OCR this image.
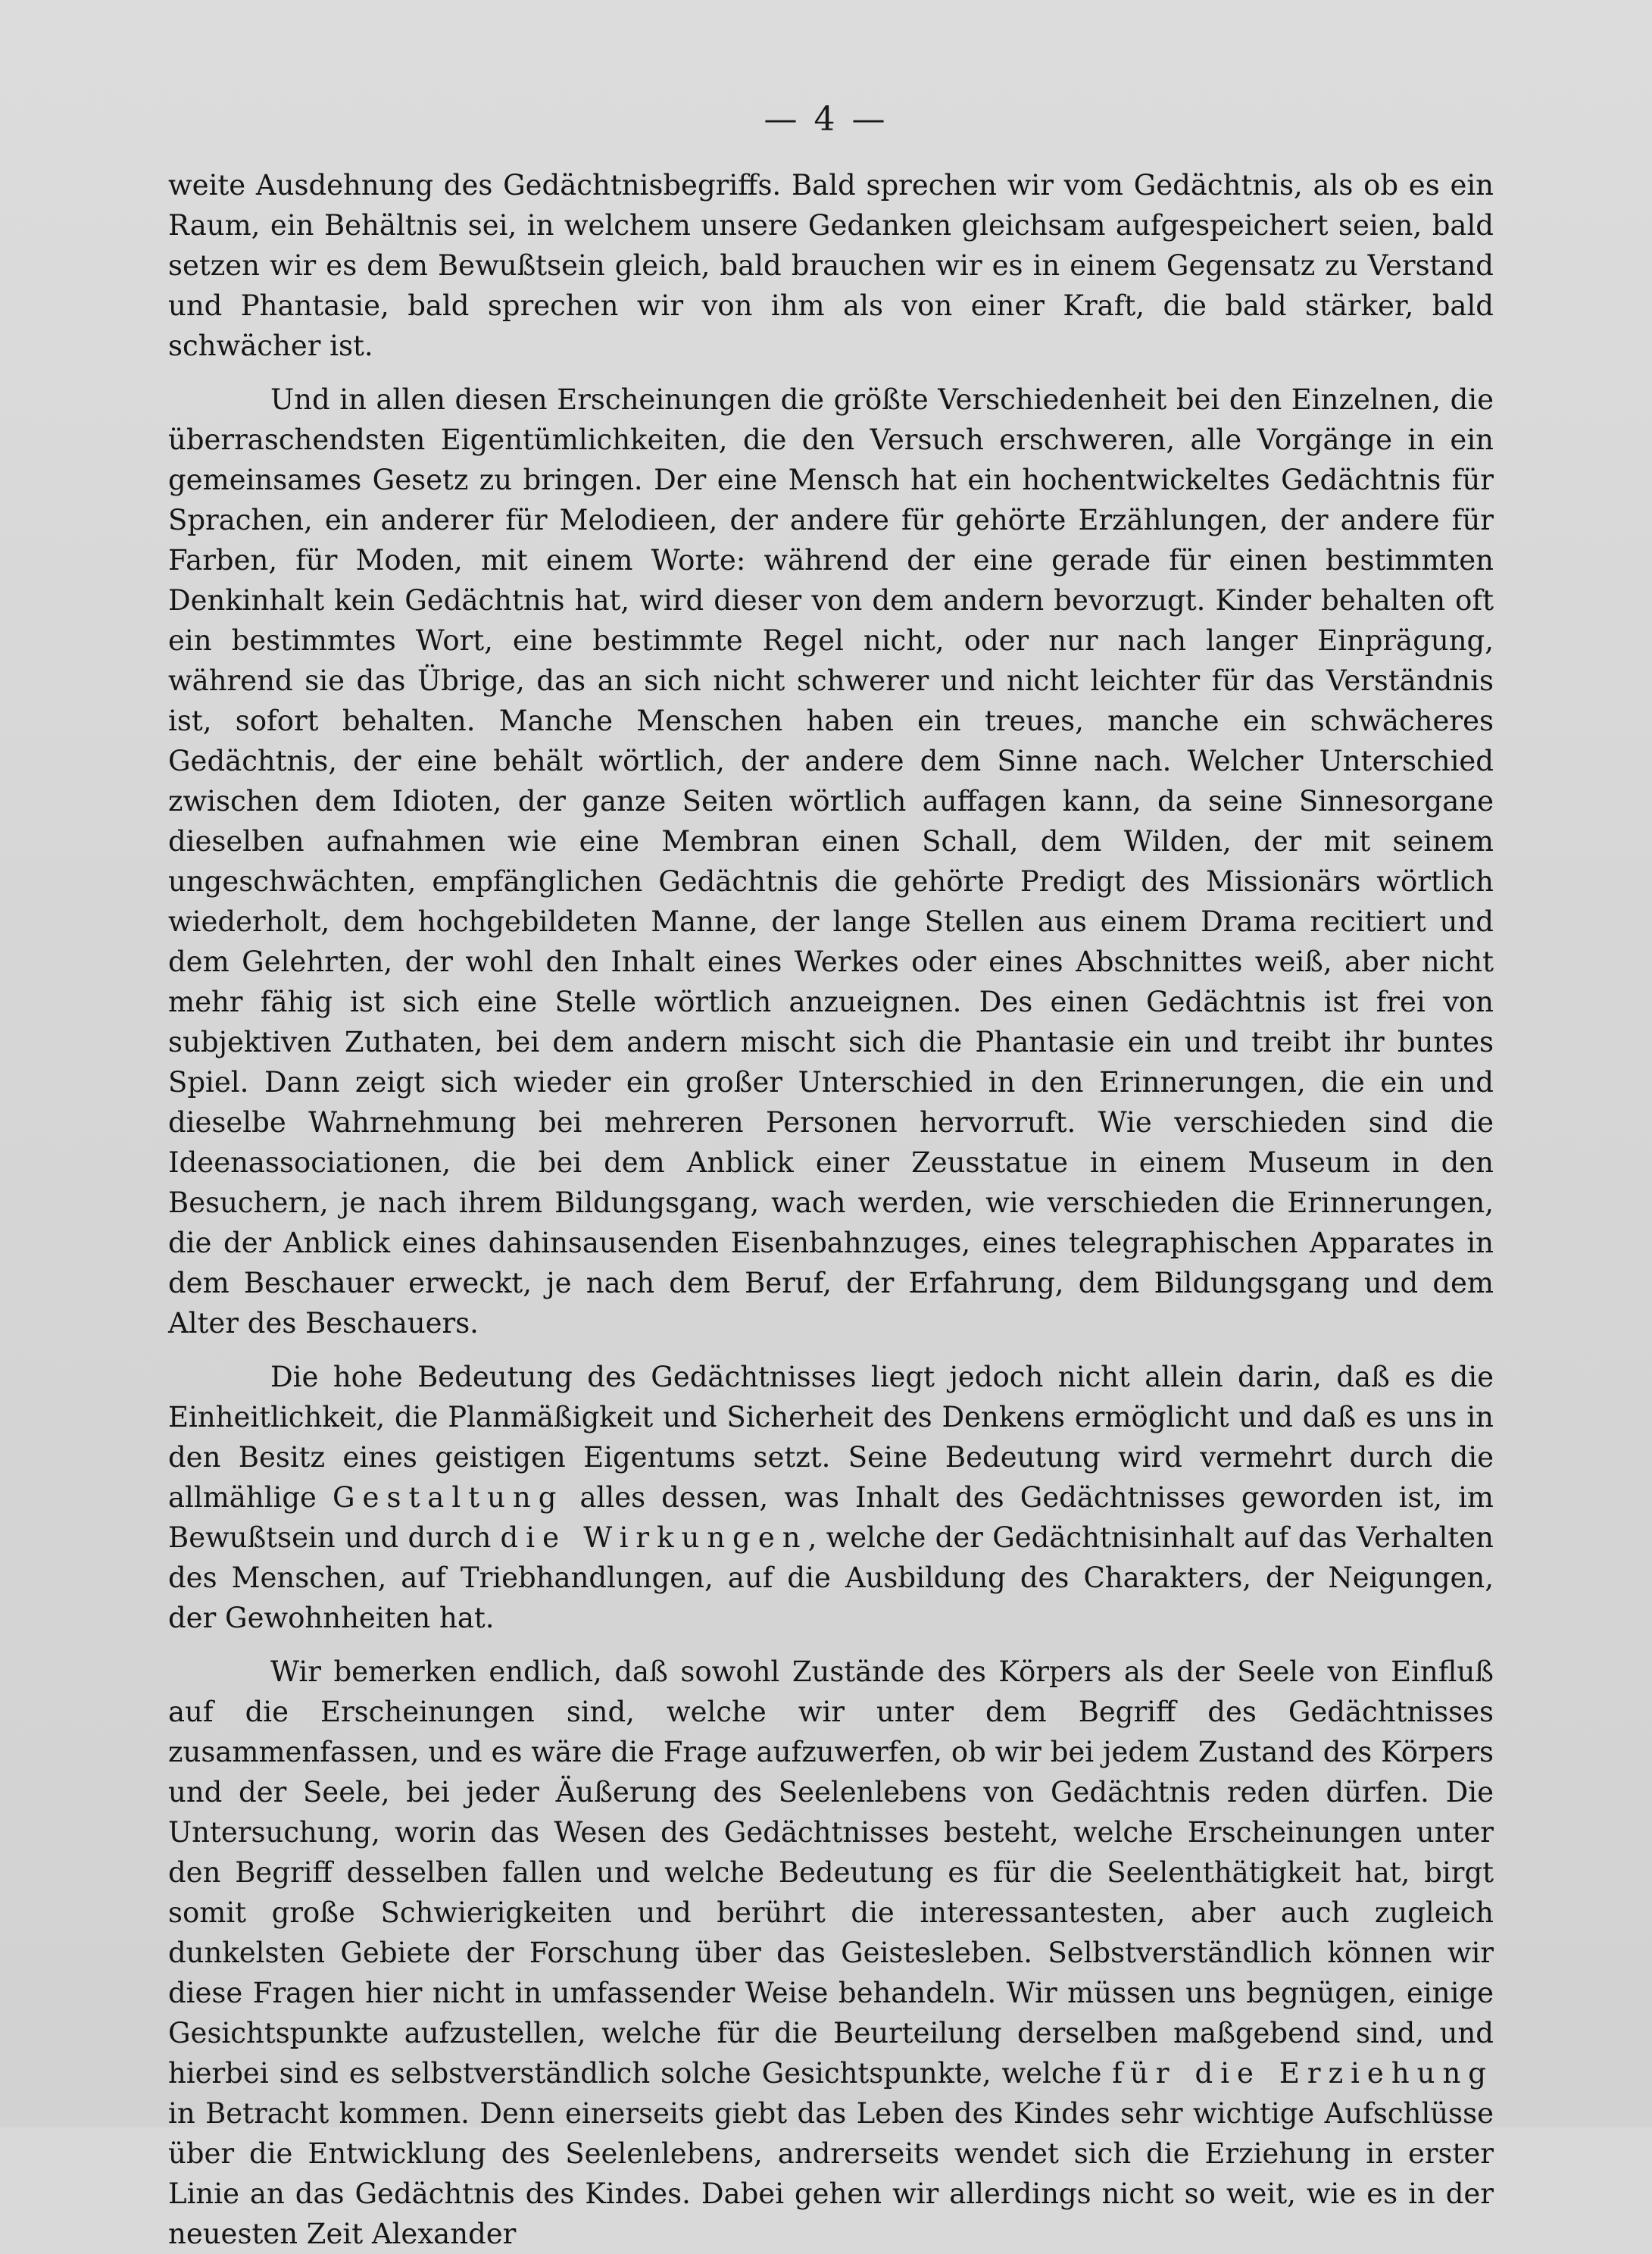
— 4 —

weite Ausdehnung des Gedächtnisbegriffs. Bald sprechen wir vom Gedächtnis, als ob es ein Raum, ein Behältnis sei, in welchem unsere Gedanken gleichsam aufgespeichert seien, bald setzen wir es dem Bewußtsein gleich, bald brauchen wir es in einem Gegensatz zu Verstand und Phantasie, bald sprechen wir von ihm als von einer Kraft, die bald stärker, bald schwächer ist.

Und in allen diesen Erscheinungen die größte Verschiedenheit bei den Einzelnen, die überraschendsten Eigentümlichkeiten, die den Versuch erschweren, alle Vorgänge in ein gemeinsames Gesetz zu bringen. Der eine Mensch hat ein hochentwickeltes Gedächtnis für Sprachen, ein anderer für Melodieen, der andere für gehörte Erzählungen, der andere für Farben, für Moden, mit einem Worte: während der eine gerade für einen bestimmten Denkinhalt kein Gedächtnis hat, wird dieser von dem andern bevorzugt. Kinder behalten oft ein bestimmtes Wort, eine bestimmte Regel nicht, oder nur nach langer Einprägung, während sie das Übrige, das an sich nicht schwerer und nicht leichter für das Verständnis ist, sofort behalten. Manche Menschen haben ein treues, manche ein schwächeres Gedächtnis, der eine behält wörtlich, der andere dem Sinne nach. Welcher Unterschied zwischen dem Idioten, der ganze Seiten wörtlich auffagen kann, da seine Sinnesorgane dieselben aufnahmen wie eine Membran einen Schall, dem Wilden, der mit seinem ungeschwächten, empfänglichen Gedächtnis die gehörte Predigt des Missionärs wörtlich wiederholt, dem hochgebildeten Manne, der lange Stellen aus einem Drama recitiert und dem Gelehrten, der wohl den Inhalt eines Werkes oder eines Abschnittes weiß, aber nicht mehr fähig ist sich eine Stelle wörtlich anzueignen. Des einen Gedächtnis ist frei von subjektiven Zuthaten, bei dem andern mischt sich die Phantasie ein und treibt ihr buntes Spiel. Dann zeigt sich wieder ein großer Unterschied in den Erinnerungen, die ein und dieselbe Wahrnehmung bei mehreren Personen hervorruft. Wie verschieden sind die Ideenassociationen, die bei dem Anblick einer Zeusstatue in einem Museum in den Besuchern, je nach ihrem Bildungsgang, wach werden, wie verschieden die Erinnerungen, die der Anblick eines dahinsausenden Eisenbahnzuges, eines telegraphischen Apparates in dem Beschauer erweckt, je nach dem Beruf, der Erfahrung, dem Bildungsgang und dem Alter des Beschauers.

Die hohe Bedeutung des Gedächtnisses liegt jedoch nicht allein darin, daß es die Einheitlichkeit, die Planmäßigkeit und Sicherheit des Denkens ermöglicht und daß es uns in den Besitz eines geistigen Eigentums setzt. Seine Bedeutung wird vermehrt durch die allmählige Gestaltung alles dessen, was Inhalt des Gedächtnisses geworden ist, im Bewußtsein und durch die Wirkungen, welche der Gedächtnisinhalt auf das Verhalten des Menschen, auf Triebhandlungen, auf die Ausbildung des Charakters, der Neigungen, der Gewohnheiten hat.

Wir bemerken endlich, daß sowohl Zustände des Körpers als der Seele von Einfluß auf die Erscheinungen sind, welche wir unter dem Begriff des Gedächtnisses zusammenfassen, und es wäre die Frage aufzuwerfen, ob wir bei jedem Zustand des Körpers und der Seele, bei jeder Äußerung des Seelenlebens von Gedächtnis reden dürfen. Die Untersuchung, worin das Wesen des Gedächtnisses besteht, welche Erscheinungen unter den Begriff desselben fallen und welche Bedeutung es für die Seelenthätigkeit hat, birgt somit große Schwierigkeiten und berührt die interessantesten, aber auch zugleich dunkelsten Gebiete der Forschung über das Geistesleben. Selbstverständlich können wir diese Fragen hier nicht in umfassender Weise behandeln. Wir müssen uns begnügen, einige Gesichtspunkte aufzustellen, welche für die Beurteilung derselben maßgebend sind, und hierbei sind es selbstverständlich solche Gesichtspunkte, welche für die Erziehung in Betracht kommen. Denn einerseits giebt das Leben des Kindes sehr wichtige Aufschlüsse über die Entwicklung des Seelenlebens, andrerseits wendet sich die Erziehung in erster Linie an das Gedächtnis des Kindes. Dabei gehen wir allerdings nicht so weit, wie es in der neuesten Zeit Alexander
